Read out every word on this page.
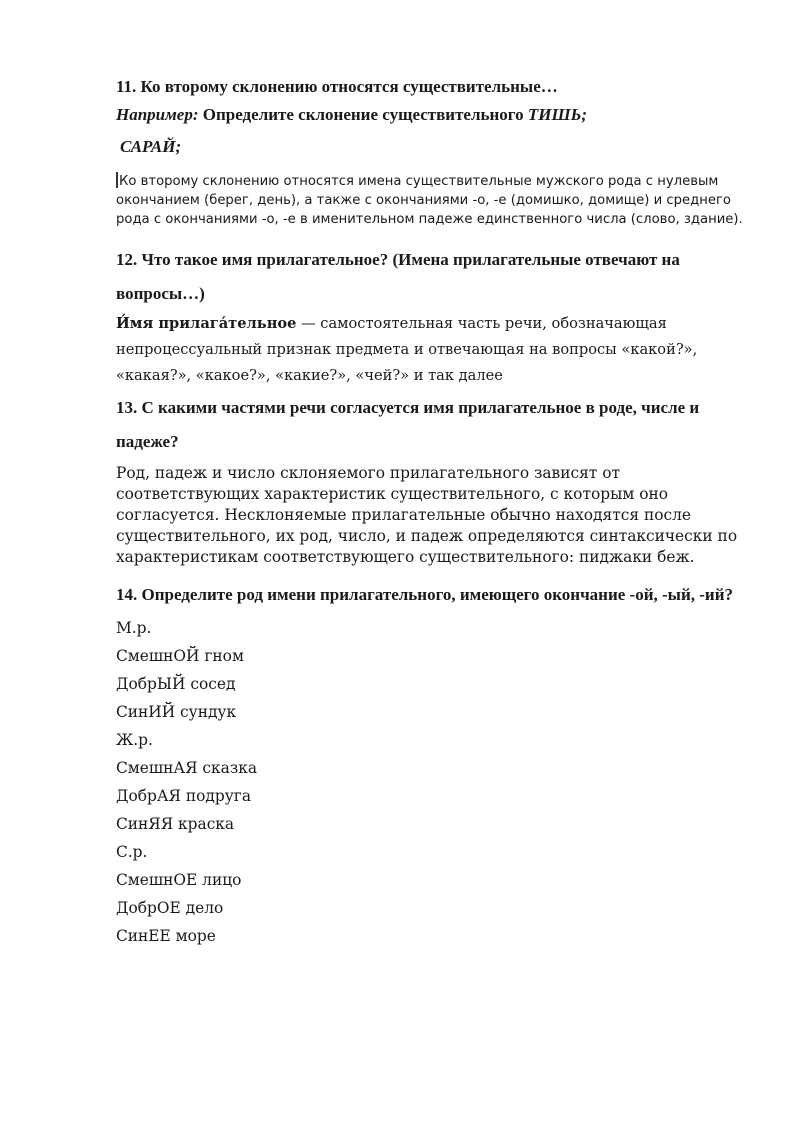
11. Ко второму склонению относятся существительные…

Например: Определите склонение существительного ТИШЬ;

САРАЙ;

Ко второму склонению относятся имена существительные мужского рода с нулевым окончанием (берег, день), а также с окончаниями -о, -е (домишко, домище) и среднего рода с окончаниями -о, -е в именительном падеже единственного числа (слово, здание).

12. Что такое имя прилагательное? (Имена прилагательные отвечают на вопросы…)

И́мя прилага́тельное — самостоятельная часть речи, обозначающая непроцессуальный признак предмета и отвечающая на вопросы «какой?», «какая?», «какое?», «какие?», «чей?» и так далее

13. С какими частями речи согласуется имя прилагательное в роде, числе и падеже?

Род, падеж и число склоняемого прилагательного зависят от соответствующих характеристик существительного, с которым оно согласуется. Несклоняемые прилагательные обычно находятся после существительного, их род, число, и падеж определяются синтаксически по характеристикам соответствующего существительного: пиджаки беж.

14. Определите род имени прилагательного, имеющего окончание -ой, -ый, -ий?

М.р.
СмешнОЙ гном
ДобрЫЙ сосед
СинИЙ сундук
Ж.р.
СмешнАЯ сказка
ДобрАЯ подруга
СинЯЯ краска
С.р.
СмешнОЕ лицо
ДобрОЕ дело
СинЕЕ море
